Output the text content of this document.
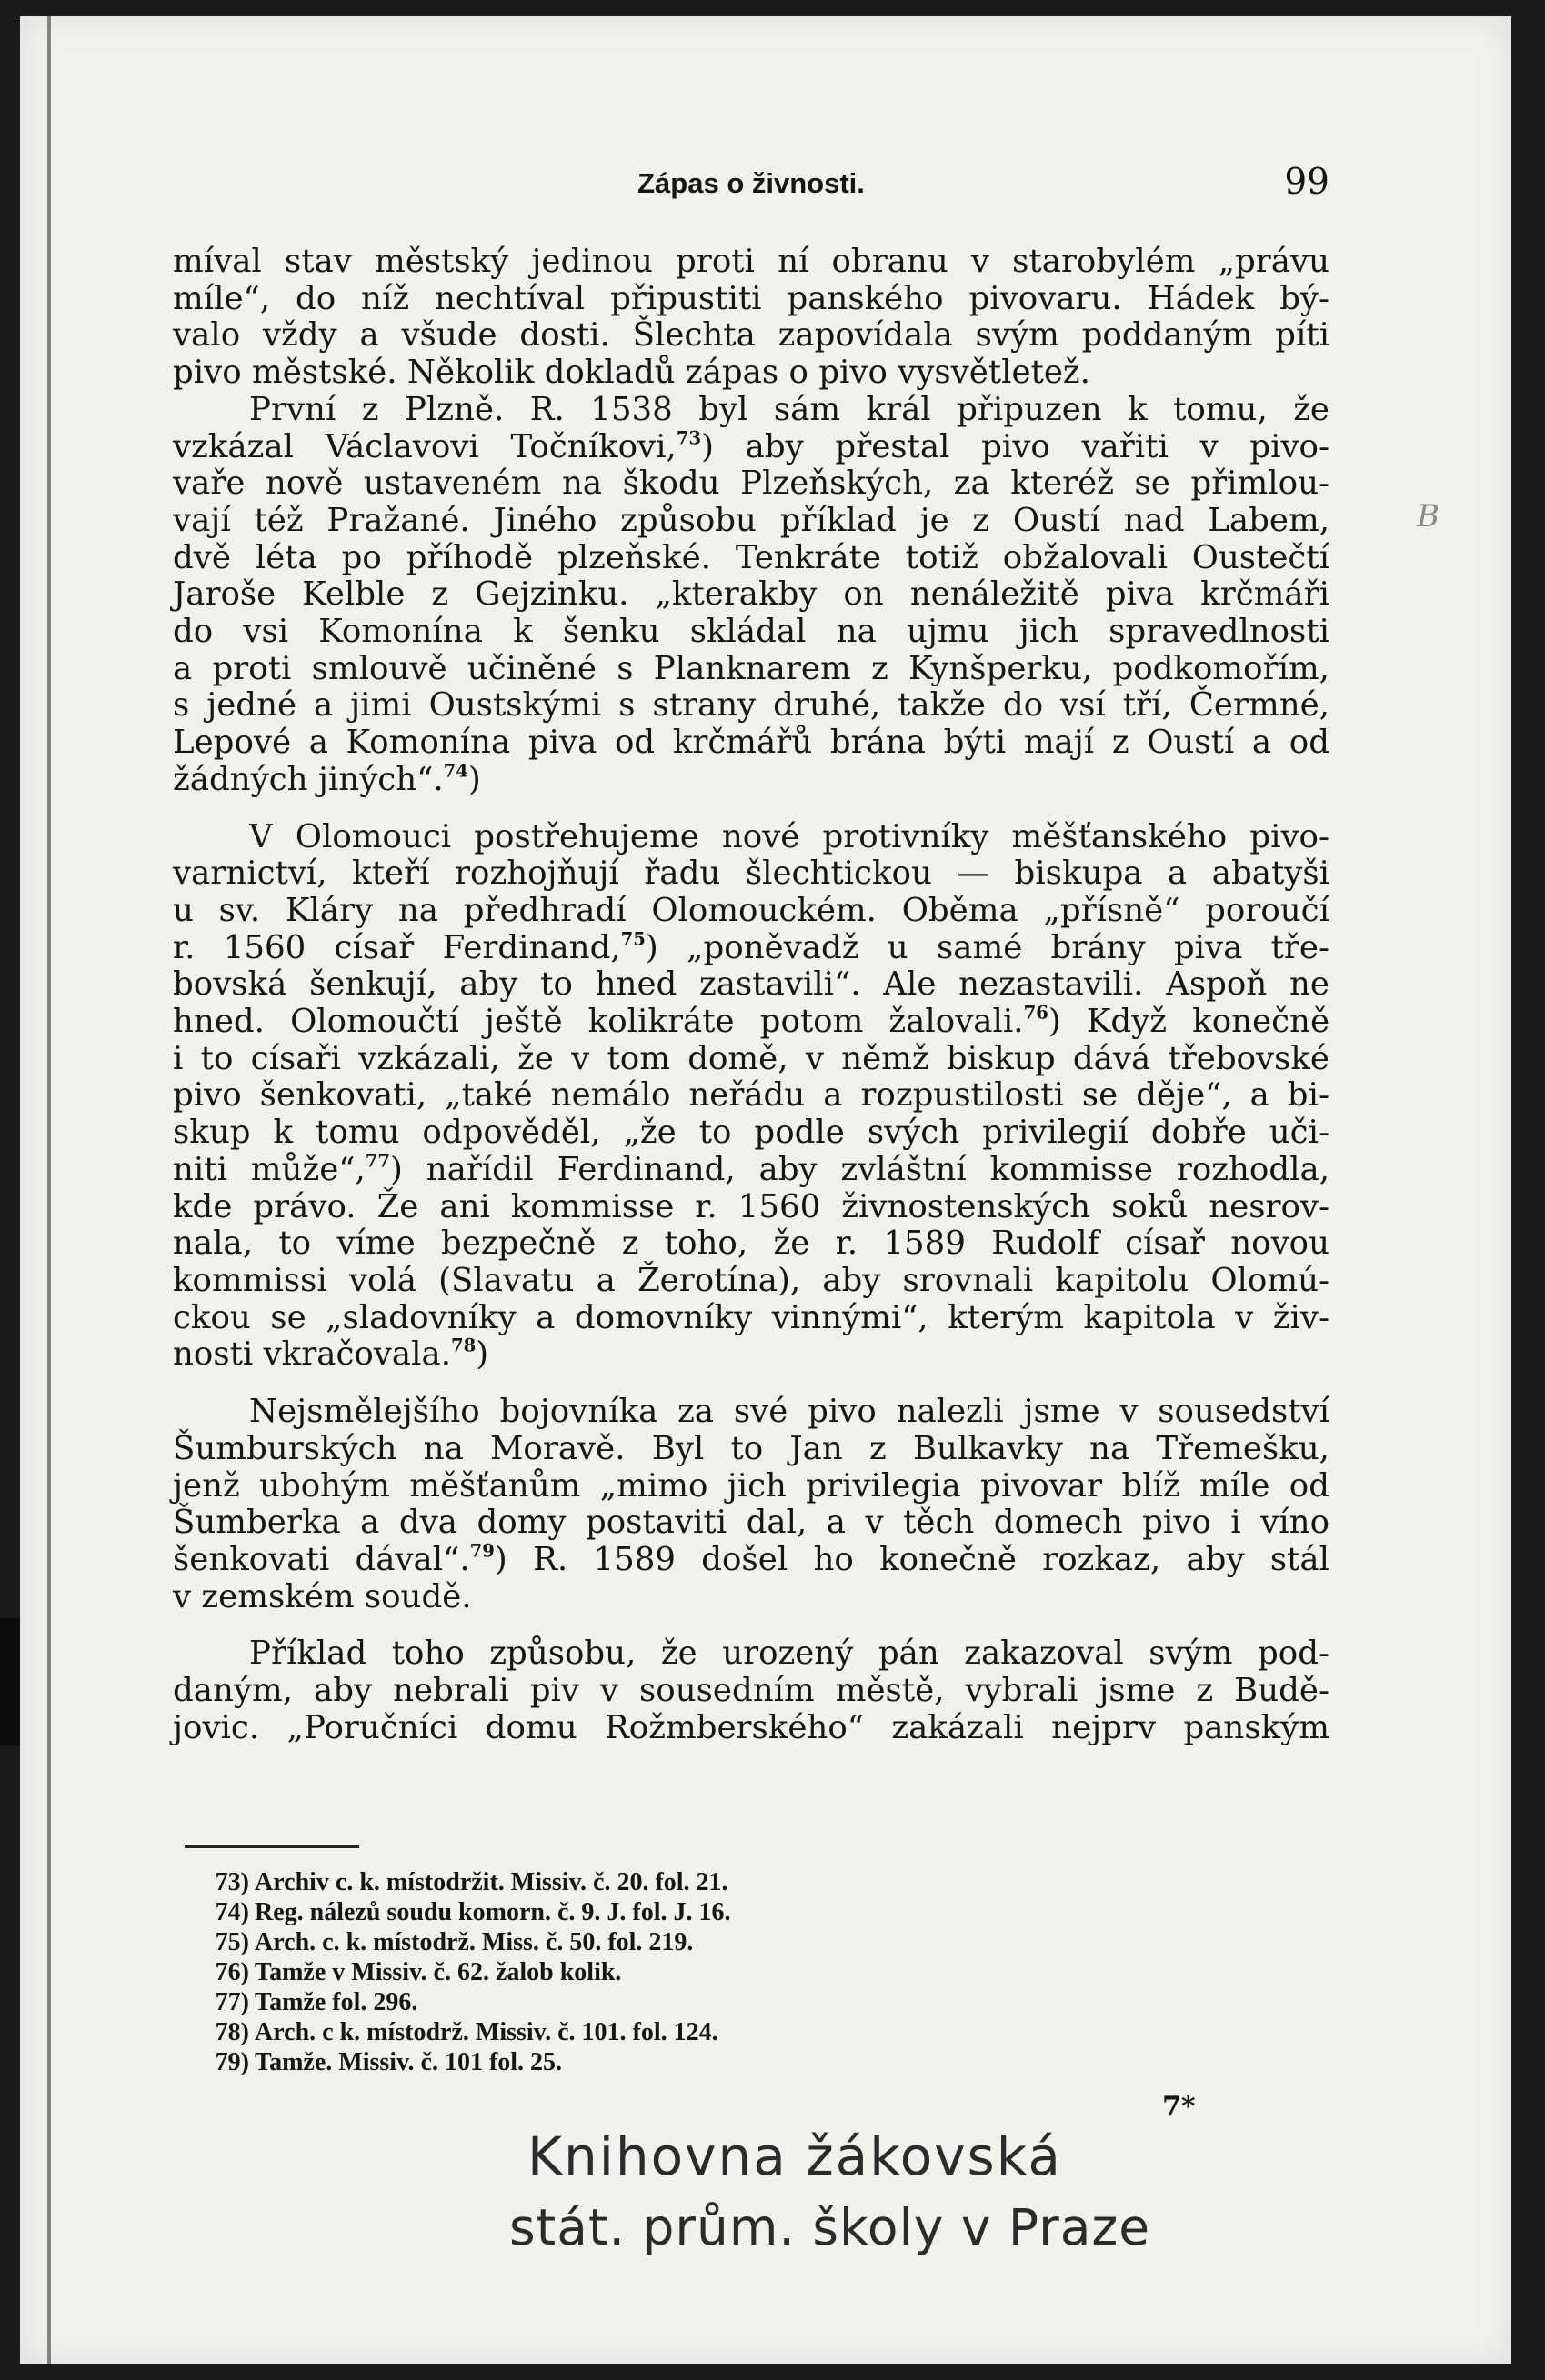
Zápas o živnosti.	99
B
míval stav městský jedinou proti ní obranu v starobylém „právu
míle“, do níž nechtíval připustiti panského pivovaru. Hádek bý-
valo vždy a všude dosti. Šlechta zapovídala svým poddaným píti
pivo městské. Několik dokladů zápas o pivo vysvětletež.
První z Plzně. R. 1538 byl sám král připuzen k tomu, že
vzkázal Václavovi Točníkovi,$^{73}$) aby přestal pivo vařiti v pivo-
vaře nově ustaveném na škodu Plzeňských, za kteréž se přimlou-
vají též Pražané. Jiného způsobu příklad je z Oustí nad Labem,
dvě léta po příhodě plzeňské. Tenkráte totiž obžalovali Oustečtí
Jaroše Kelble z Gejzinku. „kterakby on nenáležitě piva krčmáři
do vsi Komonína k šenku skládal na ujmu jich spravedlnosti
a proti smlouvě učiněné s Planknarem z Kynšperku, podkomořím,
s jedné a jimi Oustskými s strany druhé, takže do vsí tří, Čermné,
Lepové a Komonína piva od krčmářů brána býti mají z Oustí a od
žádných jiných“.$^{74}$)
V Olomouci postřehujeme nové protivníky měšťanského pivo-
varnictví, kteří rozhojňují řadu šlechtickou — biskupa a abatyši
u sv. Kláry na předhradí Olomouckém. Oběma „přísně“ poroučí
r. 1560 císař Ferdinand,$^{75}$) „poněvadž u samé brány piva tře-
bovská šenkují, aby to hned zastavili“. Ale nezastavili. Aspoň ne
hned. Olomoučtí ještě kolikráte potom žalovali.$^{76}$) Když konečně
i to císaři vzkázali, že v tom domě, v němž biskup dává třebovské
pivo šenkovati, „také nemálo neřádu a rozpustilosti se děje“, a bi-
skup k tomu odpověděl, „že to podle svých privilegií dobře uči-
niti může“,$^{77}$) nařídil Ferdinand, aby zvláštní kommisse rozhodla,
kde právo. Že ani kommisse r. 1560 živnostenských soků nesrov-
nala, to víme bezpečně z toho, že r. 1589 Rudolf císař novou
kommissi volá (Slavatu a Žerotína), aby srovnali kapitolu Olomú-
ckou se „sladovníky a domovníky vinnými“, kterým kapitola v živ-
nosti vkračovala.$^{78}$)
Nejsmělejšího bojovníka za své pivo nalezli jsme v sousedství
Šumburských na Moravě. Byl to Jan z Bulkavky na Třemešku,
jenž ubohým měšťanům „mimo jich privilegia pivovar blíž míle od
Šumberka a dva domy postaviti dal, a v těch domech pivo i víno
šenkovati dával“.$^{79}$) R. 1589 došel ho konečně rozkaz, aby stál
v zemském soudě.
Příklad toho způsobu, že urozený pán zakazoval svým pod-
daným, aby nebrali piv v sousedním městě, vybrali jsme z Budě-
jovic. „Poručníci domu Rožmberského“ zakázali nejprv panským
73) Archiv c. k. místodržit. Missiv. č. 20. fol. 21.
74) Reg. nálezů soudu komorn. č. 9. J. fol. J. 16.
75) Arch. c. k. místodrž. Miss. č. 50. fol. 219.
76) Tamže v Missiv. č. 62. žalob kolik.
77) Tamže fol. 296.
78) Arch. c k. místodrž. Missiv. č. 101. fol. 124.
79) Tamže. Missiv. č. 101 fol. 25.
7*
Knihovna žákovská
stát. prům. školy v Praze
